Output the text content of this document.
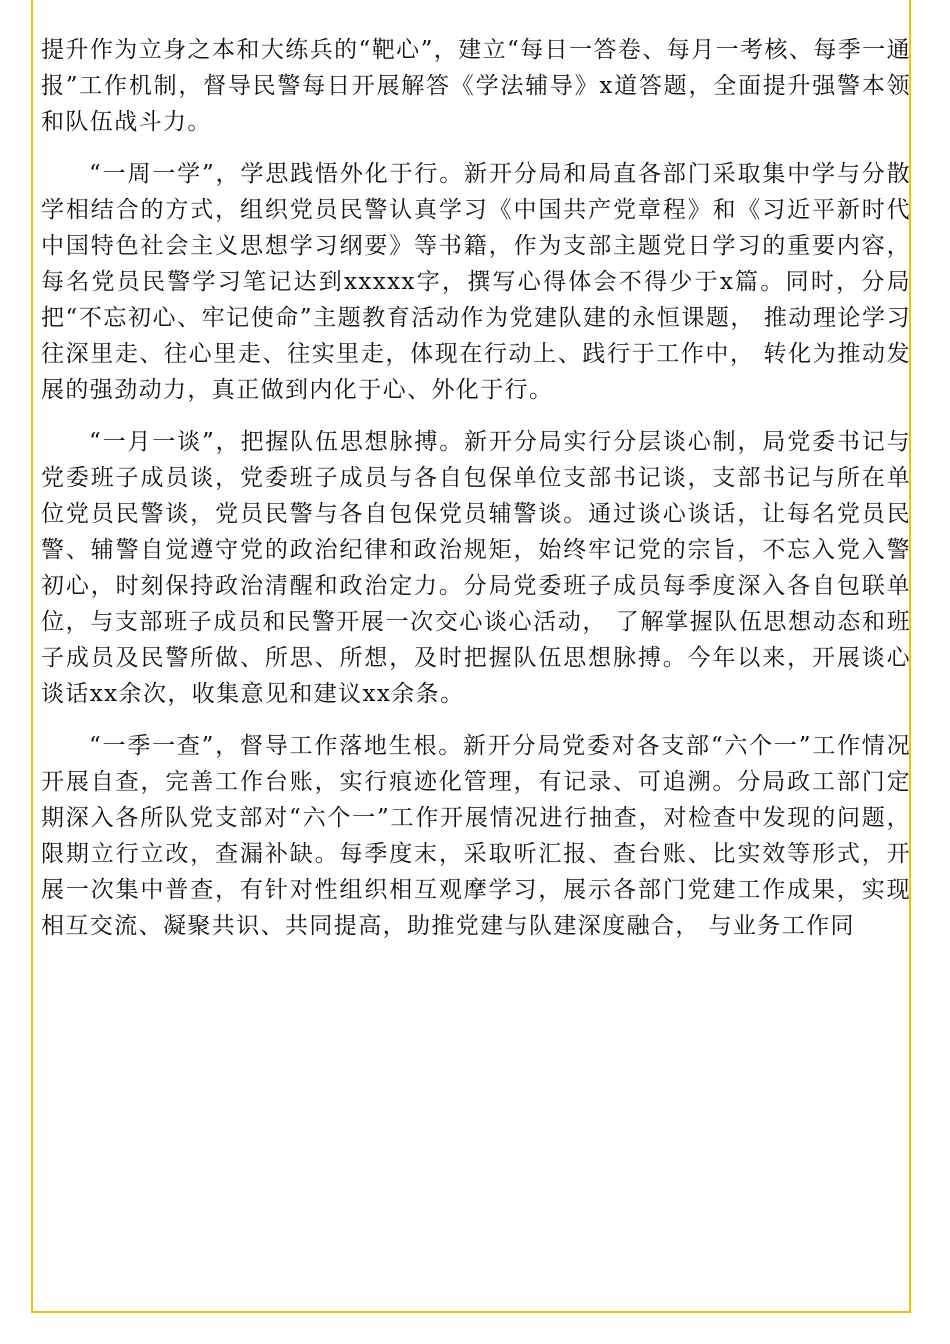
提升作为立身之本和大练兵的“靶心”，建立“每日一答卷、每月一考核、每季一通报”工作机制，督导民警每日开展解答《学法辅导》x道答题，全面提升强警本领和队伍战斗力。

“一周一学”，学思践悟外化于行。新开分局和局直各部门采取集中学与分散学相结合的方式，组织党员民警认真学习《中国共产党章程》和《习近平新时代中国特色社会主义思想学习纲要》等书籍，作为支部主题党日学习的重要内容，每名党员民警学习笔记达到xxxxx字，撰写心得体会不得少于x篇。同时，分局把“不忘初心、牢记使命”主题教育活动作为党建队建的永恒课题， 推动理论学习往深里走、往心里走、往实里走，体现在行动上、践行于工作中， 转化为推动发展的强劲动力，真正做到内化于心、外化于行。

“一月一谈”，把握队伍思想脉搏。新开分局实行分层谈心制，局党委书记与党委班子成员谈，党委班子成员与各自包保单位支部书记谈，支部书记与所在单位党员民警谈，党员民警与各自包保党员辅警谈。通过谈心谈话，让每名党员民警、辅警自觉遵守党的政治纪律和政治规矩，始终牢记党的宗旨，不忘入党入警初心，时刻保持政治清醒和政治定力。分局党委班子成员每季度深入各自包联单位，与支部班子成员和民警开展一次交心谈心活动， 了解掌握队伍思想动态和班子成员及民警所做、所思、所想，及时把握队伍思想脉搏。今年以来，开展谈心谈话xx余次，收集意见和建议xx余条。

“一季一查”，督导工作落地生根。新开分局党委对各支部“六个一”工作情况开展自查，完善工作台账，实行痕迹化管理，有记录、可追溯。分局政工部门定期深入各所队党支部对“六个一”工作开展情况进行抽查，对检查中发现的问题，限期立行立改，查漏补缺。每季度末，采取听汇报、查台账、比实效等形式，开展一次集中普查，有针对性组织相互观摩学习，展示各部门党建工作成果，实现相互交流、凝聚共识、共同提高，助推党建与队建深度融合， 与业务工作同
